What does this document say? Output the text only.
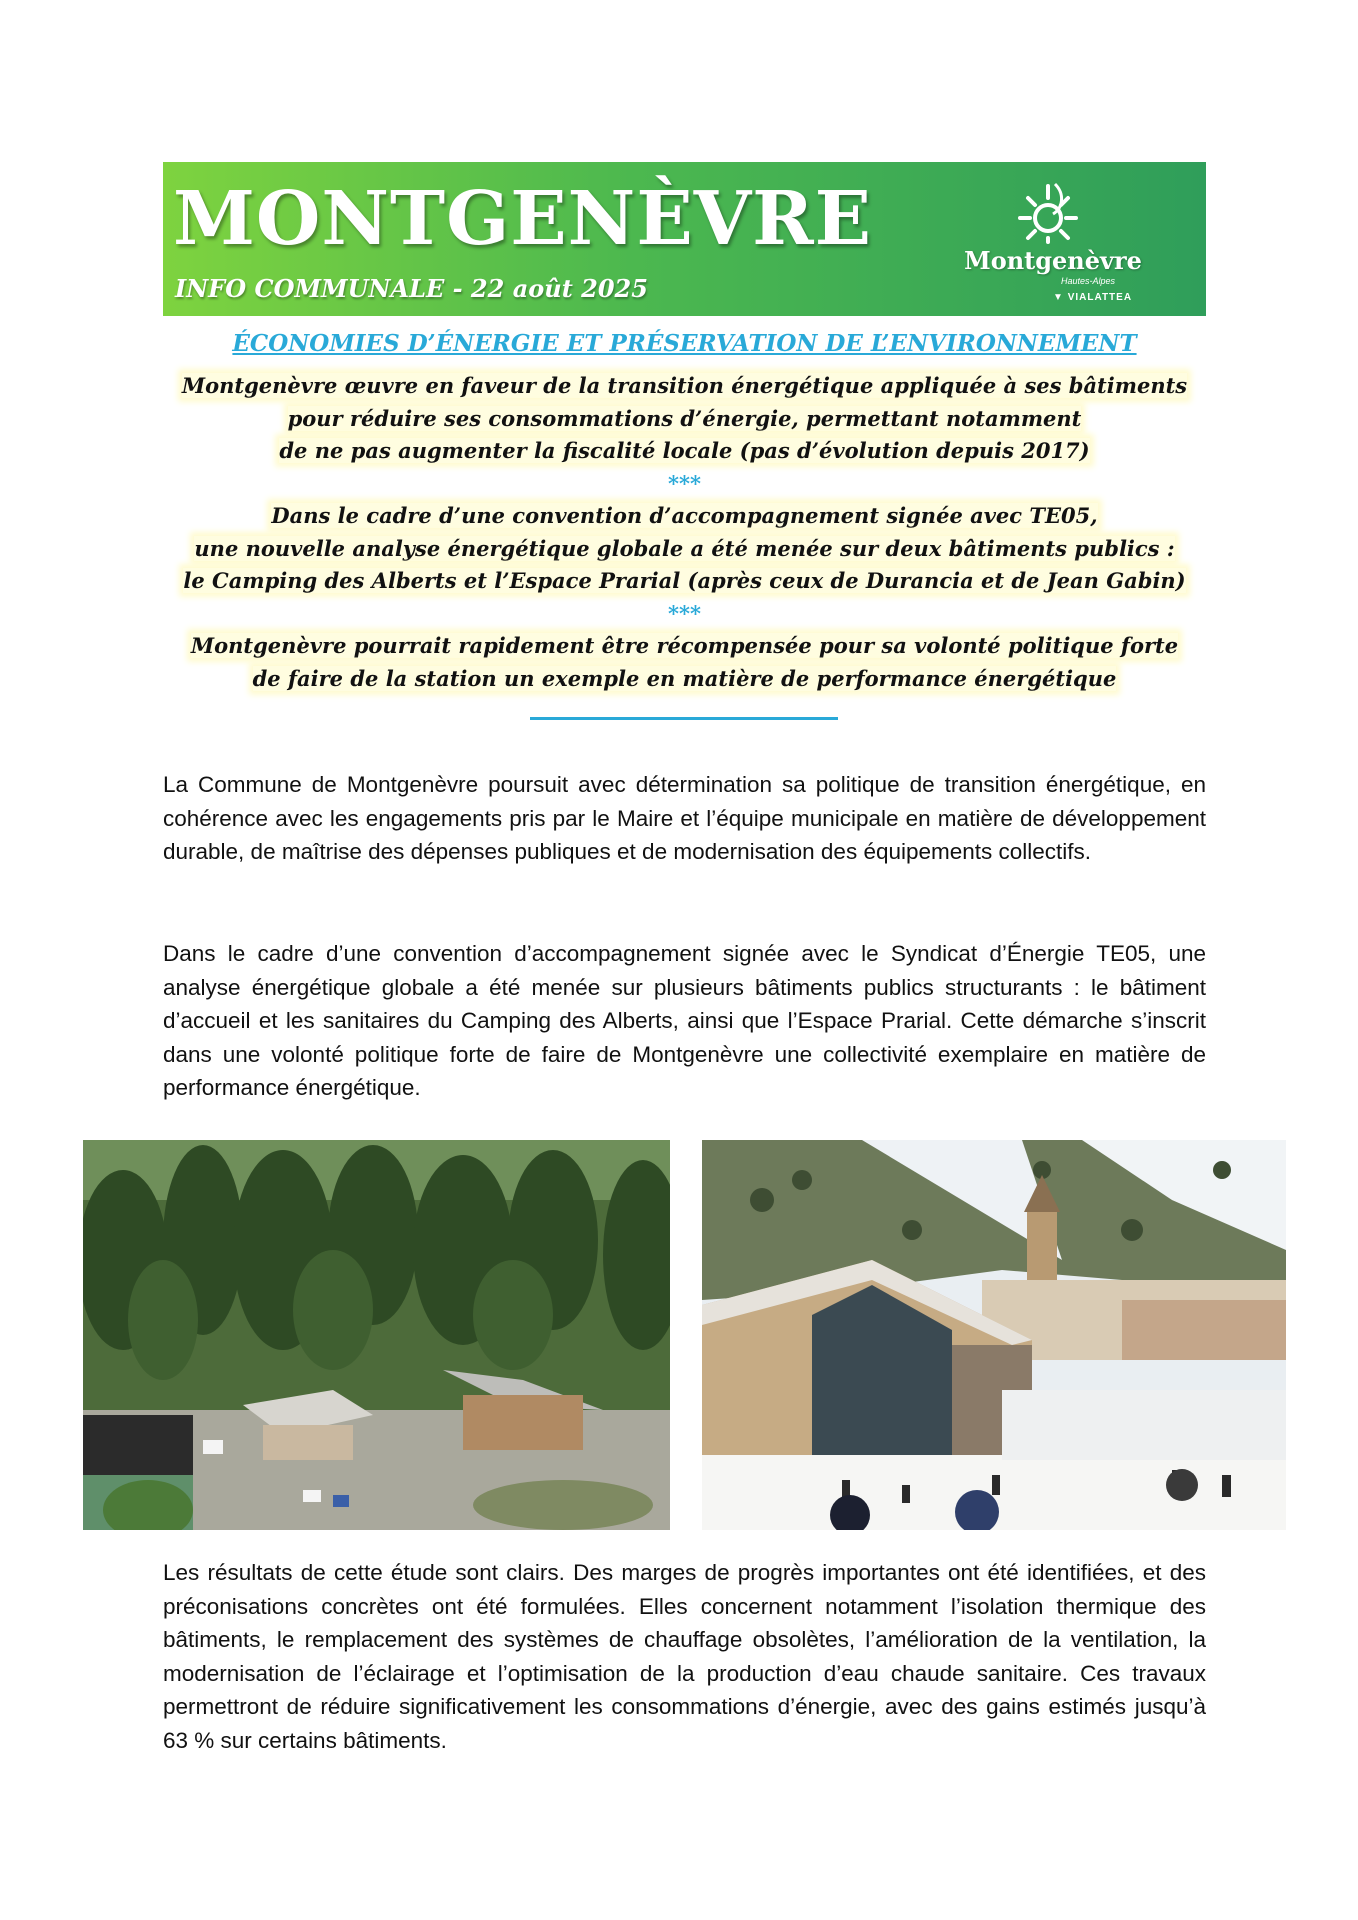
MONTGENÈVRE
INFO COMMUNALE - 22 août 2025
Montgenèvre
Hautes-Alpes
▼ VIALATTEA
ÉCONOMIES D’ÉNERGIE ET PRÉSERVATION DE L’ENVIRONNEMENT
Montgenèvre œuvre en faveur de la transition énergétique appliquée à ses bâtiments
pour réduire ses consommations d’énergie, permettant notamment
de ne pas augmenter la fiscalité locale (pas d’évolution depuis 2017)
***
Dans le cadre d’une convention d’accompagnement signée avec TE05,
une nouvelle analyse énergétique globale a été menée sur deux bâtiments publics :
le Camping des Alberts et l’Espace Prarial (après ceux de Durancia et de Jean Gabin)
***
Montgenèvre pourrait rapidement être récompensée pour sa volonté politique forte
de faire de la station un exemple en matière de performance énergétique

La Commune de Montgenèvre poursuit avec détermination sa politique de transition énergétique, en cohérence avec les engagements pris par le Maire et l’équipe municipale en matière de développement durable, de maîtrise des dépenses publiques et de modernisation des équipements collectifs.

Dans le cadre d’une convention d’accompagnement signée avec le Syndicat d’Énergie TE05, une analyse énergétique globale a été menée sur plusieurs bâtiments publics structurants : le bâtiment d’accueil et les sanitaires du Camping des Alberts, ainsi que l’Espace Prarial. Cette démarche s’inscrit dans une volonté politique forte de faire de Montgenèvre une collectivité exemplaire en matière de performance énergétique.

Les résultats de cette étude sont clairs. Des marges de progrès importantes ont été identifiées, et des préconisations concrètes ont été formulées. Elles concernent notamment l’isolation thermique des bâtiments, le remplacement des systèmes de chauffage obsolètes, l’amélioration de la ventilation, la modernisation de l’éclairage et l’optimisation de la production d’eau chaude sanitaire. Ces travaux permettront de réduire significativement les consommations d’énergie, avec des gains estimés jusqu’à 63 % sur certains bâtiments.
